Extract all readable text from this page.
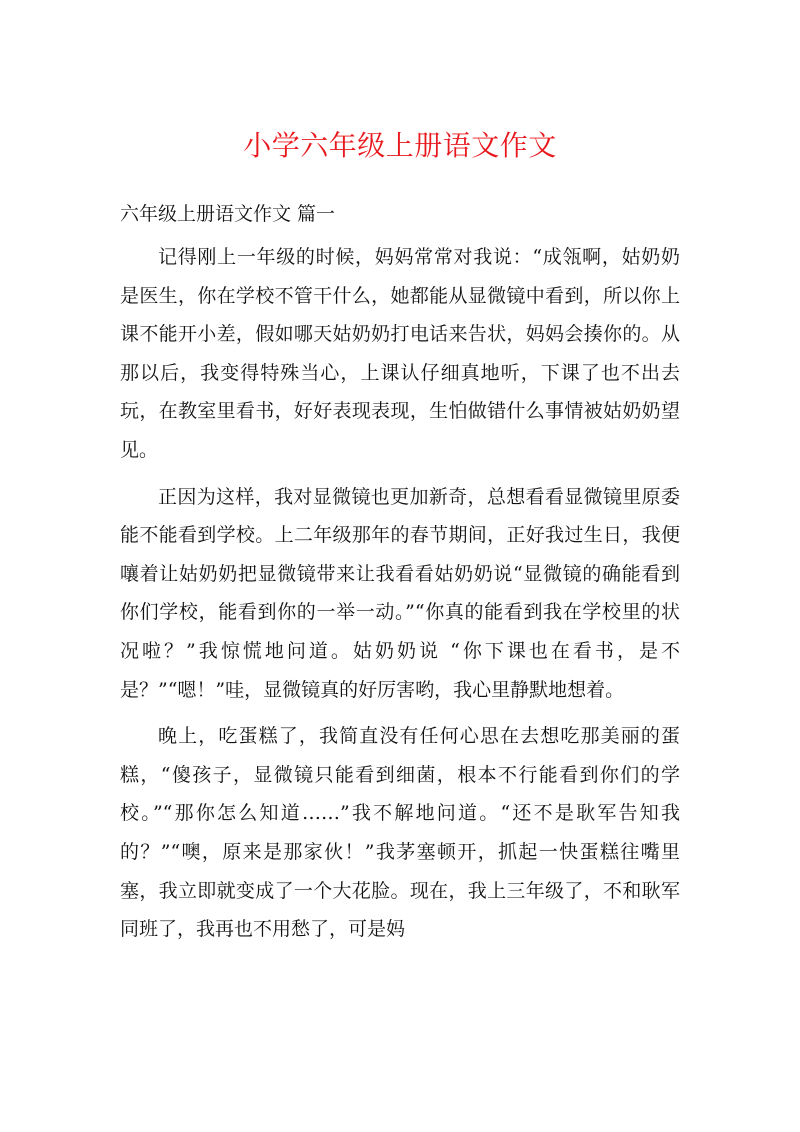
小学六年级上册语文作文
六年级上册语文作文 篇一

记得刚上一年级的时候，妈妈常常对我说：“成瓴啊，姑奶奶是医生，你在学校不管干什么，她都能从显微镜中看到，所以你上课不能开小差，假如哪天姑奶奶打电话来告状，妈妈会揍你的。从那以后，我变得特殊当心，上课认仔细真地听，下课了也不出去玩，在教室里看书，好好表现表现，生怕做错什么事情被姑奶奶望见。

正因为这样，我对显微镜也更加新奇，总想看看显微镜里原委能不能看到学校。上二年级那年的春节期间，正好我过生日，我便嚷着让姑奶奶把显微镜带来让我看看姑奶奶说“显微镜的确能看到你们学校，能看到你的一举一动。”“你真的能看到我在学校里的状况啦？”我惊慌地问道。姑奶奶说 “你下课也在看书，是不是？”“嗯！”哇，显微镜真的好厉害哟，我心里静默地想着。

晚上，吃蛋糕了，我简直没有任何心思在去想吃那美丽的蛋糕，“傻孩子，显微镜只能看到细菌，根本不行能看到你们的学校。”“那你怎么知道……”我不解地问道。“还不是耿军告知我的？”“噢，原来是那家伙！”我茅塞顿开，抓起一快蛋糕往嘴里塞，我立即就变成了一个大花脸。现在，我上三年级了，不和耿军同班了，我再也不用愁了，可是妈
